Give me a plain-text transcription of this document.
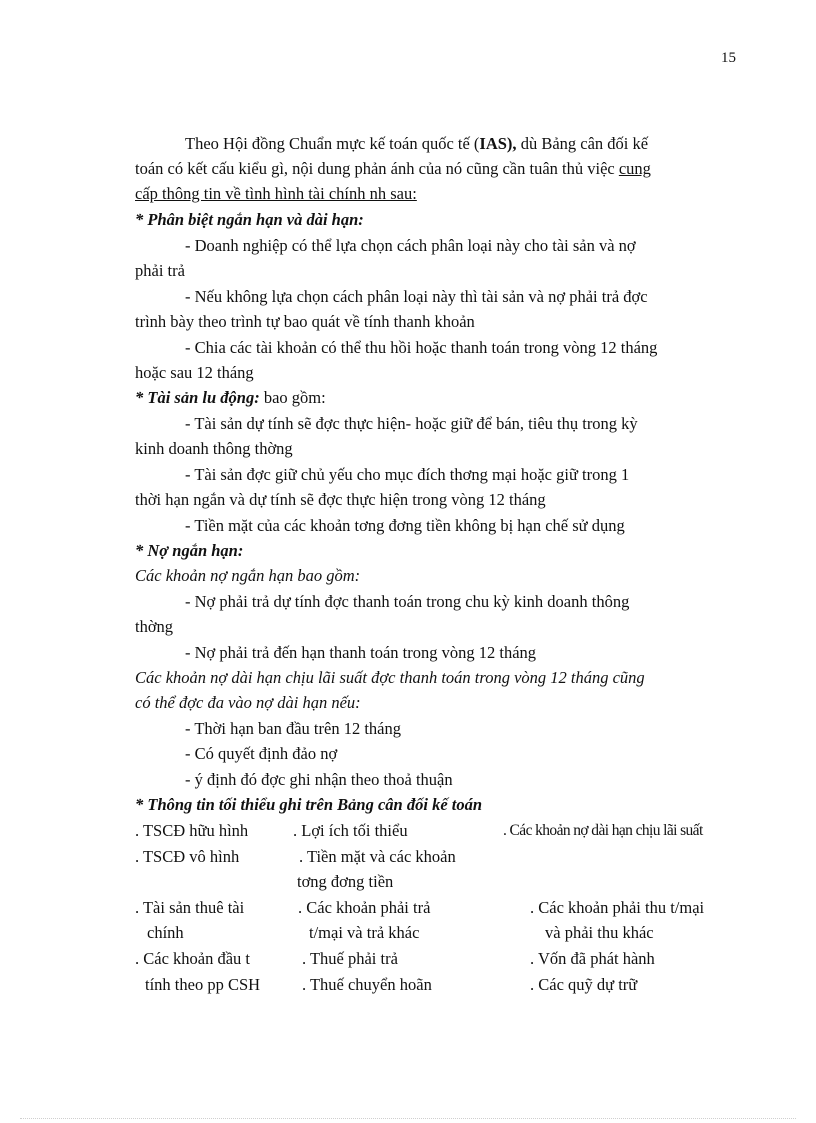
15
Theo Hội đồng Chuẩn mực kế toán quốc tế (IAS), dù Bảng cân đối kế
toán có kết cấu kiểu gì, nội dung phản ánh của nó cũng cần tuân thủ việc cung
cấp thông tin về tình hình tài chính nh sau:
* Phân biệt ngắn hạn và dài hạn:
- Doanh nghiệp có thể lựa chọn cách phân loại này cho tài sản và nợ
phải trả
- Nếu không lựa chọn cách phân loại này thì tài sản và nợ phải trả đợc
trình bày theo trình tự bao quát về tính thanh khoản
- Chia các tài khoản có thể thu hồi hoặc thanh toán trong vòng 12 tháng
hoặc sau 12 tháng
* Tài sản lu động: bao gồm:
- Tài sản dự tính sẽ đợc thực hiện- hoặc giữ để bán, tiêu thụ trong kỳ
kinh doanh thông thờng
- Tài sản đợc giữ chủ yếu cho mục đích thơng mại hoặc giữ trong 1
thời hạn ngắn và dự tính sẽ đợc thực hiện trong vòng 12 tháng
- Tiền mặt của các khoản tơng đơng tiền không bị hạn chế sử dụng
* Nợ ngắn hạn:
Các khoản nợ ngắn hạn bao gồm:
- Nợ phải trả dự tính đợc thanh toán trong chu kỳ kinh doanh thông
thờng
- Nợ phải trả đến hạn thanh toán trong vòng 12 tháng
Các khoản nợ dài hạn chịu lãi suất đợc thanh toán trong vòng 12 tháng cũng
có thể đợc đa vào nợ dài hạn nếu:
- Thời hạn ban đầu trên 12 tháng
- Có quyết định đảo nợ
- ý định đó đợc ghi nhận theo thoả thuận
* Thông tin tối thiểu ghi trên Bảng cân đối kế toán
. TSCĐ hữu hình
. TSCĐ vô hình
. Tài sản thuê tài
chính
. Các khoản đầu t
tính theo pp CSH
. Lợi ích tối thiểu
. Tiền mặt và các khoản
tơng đơng tiền
. Các khoản phải trả
t/mại và trả khác
. Thuế phải trả
. Thuế chuyển hoãn
. Các khoản nợ dài hạn chịu lãi suất
. Các khoản phải thu t/mại
và phải thu khác
. Vốn đã phát hành
. Các quỹ dự trữ
